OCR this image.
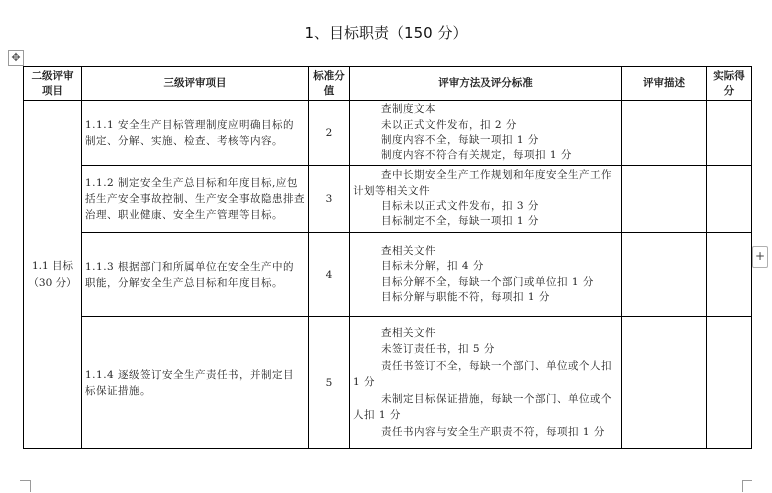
1、目标职责（150 分）
✥
+
二级评审项目	三级评审项目	标准分值	评审方法及评分标准	评审描述	实际得分
1.1 目标（30 分）	1.1.1 安全生产目标管理制度应明确目标的制定、分解、实施、检查、考核等内容。	2	查制度文本
未以正式文件发布，扣 2 分
制度内容不全，每缺一项扣 1 分
制度内容不符合有关规定，每项扣 1 分		

	1.1.2 制定安全生产总目标和年度目标,应包括生产安全事故控制、生产安全事故隐患排查治理、职业健康、安全生产管理等目标。	3	查中长期安全生产工作规划和年度安全生产工作计划等相关文件
目标未以正式文件发布，扣 3 分
目标制定不全，每缺一项扣 1 分		

	1.1.3 根据部门和所属单位在安全生产中的职能，分解安全生产总目标和年度目标。	4	查相关文件
目标未分解，扣 4 分
目标分解不全，每缺一个部门或单位扣 1 分
目标分解与职能不符，每项扣 1 分		

	1.1.4 逐级签订安全生产责任书，并制定目标保证措施。	5	查相关文件
未签订责任书，扣 5 分
责任书签订不全，每缺一个部门、单位或个人扣 1 分
未制定目标保证措施，每缺一个部门、单位或个人扣 1 分
责任书内容与安全生产职责不符，每项扣 1 分		
